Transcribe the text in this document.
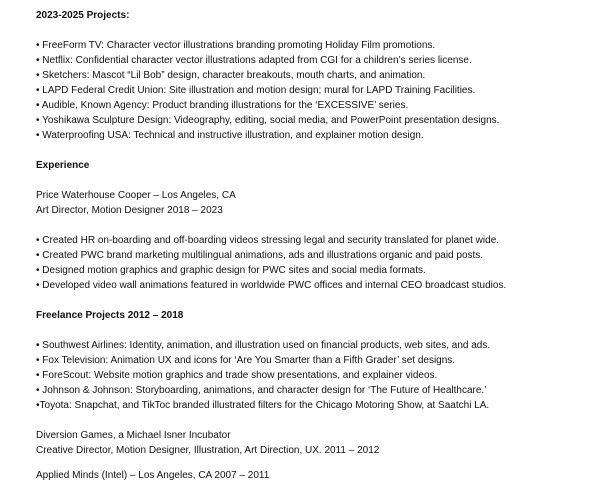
2023-2025 Projects:
• FreeForm TV: Character vector illustrations branding promoting Holiday Film promotions.
• Netflix: Confidential character vector illustrations adapted from CGI for a children’s series license.
• Sketchers: Mascot “Lil Bob” design, character breakouts, mouth charts, and animation.
• LAPD Federal Credit Union: Site illustration and motion design; mural for LAPD Training Facilities.
• Audible, Known Agency: Product branding illustrations for the ‘EXCESSIVE’ series.
• Yoshikawa Sculpture Design: Videography, editing, social media, and PowerPoint presentation designs.
• Waterproofing USA: Technical and instructive illustration, and explainer motion design.
Experience
Price Waterhouse Cooper – Los Angeles, CA
Art Director, Motion Designer 2018 – 2023
• Created HR on-boarding and off-boarding videos stressing legal and security translated for planet wide.
• Created PWC brand marketing multilingual animations, ads and illustrations organic and paid posts.
• Designed motion graphics and graphic design for PWC sites and social media formats.
• Developed video wall animations featured in worldwide PWC offices and internal CEO broadcast studios.
Freelance Projects 2012 – 2018
• Southwest Airlines: Identity, animation, and illustration used on financial products, web sites, and ads.
• Fox Television: Animation UX and icons for ‘Are You Smarter than a Fifth Grader’ set designs.
• ForeScout: Website motion graphics and trade show presentations, and explainer videos.
• Johnson & Johnson: Storyboarding, animations, and character design for ‘The Future of Healthcare.’
•Toyota: Snapchat, and TikToc branded illustrated filters for the Chicago Motoring Show, at Saatchi LA.
Diversion Games, a Michael Isner Incubator
Creative Director, Motion Designer, Illustration, Art Direction, UX. 2011 – 2012
Applied Minds (Intel) – Los Angeles, CA 2007 – 2011
